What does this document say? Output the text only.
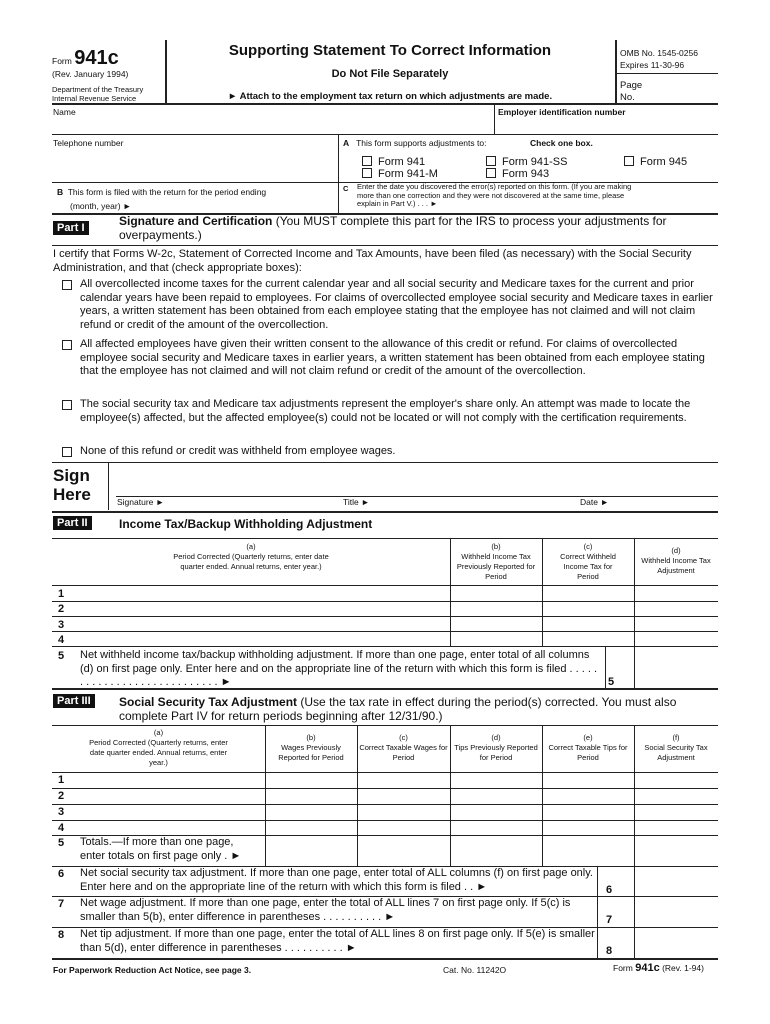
Form 941c
(Rev. January 1994)
Department of the Treasury
Internal Revenue Service
Supporting Statement To Correct Information
Do Not File Separately
► Attach to the employment tax return on which adjustments are made.
OMB No. 1545-0256
Expires 11-30-96
Page
No.
Name	Employer identification number
Telephone number	A This form supports adjustments to:	Check one box.
Form 941
Form 941-M
Form 941-SS
Form 943
Form 945
B This form is filed with the return for the period ending
(month, year) ►
C Enter the date you discovered the error(s) reported on this form. (If you are making more than one correction and they were not discovered at the same time, please explain in Part V.) . . . ►
Part I	Signature and Certification (You MUST complete this part for the IRS to process your adjustments for overpayments.)
I certify that Forms W-2c, Statement of Corrected Income and Tax Amounts, have been filed (as necessary) with the Social Security Administration, and that (check appropriate boxes):
All overcollected income taxes for the current calendar year and all social security and Medicare taxes for the current and prior calendar years have been repaid to employees. For claims of overcollected employee social security and Medicare taxes in earlier years, a written statement has been obtained from each employee stating that the employee has not claimed and will not claim refund or credit of the amount of the overcollection.
All affected employees have given their written consent to the allowance of this credit or refund. For claims of overcollected employee social security and Medicare taxes in earlier years, a written statement has been obtained from each employee stating that the employee has not claimed and will not claim refund or credit of the amount of the overcollection.
The social security tax and Medicare tax adjustments represent the employer's share only. An attempt was made to locate the employee(s) affected, but the affected employee(s) could not be located or will not comply with the certification requirements.
None of this refund or credit was withheld from employee wages.
Sign
Here	Signature ►	Title ►	Date ►
Part II	Income Tax/Backup Withholding Adjustment
(a)
Period Corrected (Quarterly returns, enter date quarter ended. Annual returns, enter year.)
(b)
Withheld Income Tax Previously Reported for Period
(c)
Correct Withheld Income Tax for Period
(d)
Withheld Income Tax Adjustment
1
2
3
4
5 Net withheld income tax/backup withholding adjustment. If more than one page, enter total of all columns (d) on first page only. Enter here and on the appropriate line of the return with which this form is filed . . . . . . . . . . . . . . . . . . . . . . . . . . . . ►	5
Part III	Social Security Tax Adjustment (Use the tax rate in effect during the period(s) corrected. You must also complete Part IV for return periods beginning after 12/31/90.)
(a)
Period Corrected (Quarterly returns, enter date quarter ended. Annual returns, enter year.)
(b)
Wages Previously Reported for Period
(c)
Correct Taxable Wages for Period
(d)
Tips Previously Reported for Period
(e)
Correct Taxable Tips for Period
(f)
Social Security Tax Adjustment
1
2
3
4
5 Totals.—If more than one page, enter totals on first page only . ►
6 Net social security tax adjustment. If more than one page, enter total of ALL columns (f) on first page only. Enter here and on the appropriate line of the return with which this form is filed . . ►	6
7 Net wage adjustment. If more than one page, enter the total of ALL lines 7 on first page only. If 5(c) is smaller than 5(b), enter difference in parentheses . . . . . . . . . . ►	7
8 Net tip adjustment. If more than one page, enter the total of ALL lines 8 on first page only. If 5(e) is smaller than 5(d), enter difference in parentheses . . . . . . . . . . ►	8
For Paperwork Reduction Act Notice, see page 3.	Cat. No. 11242O	Form 941c (Rev. 1-94)
